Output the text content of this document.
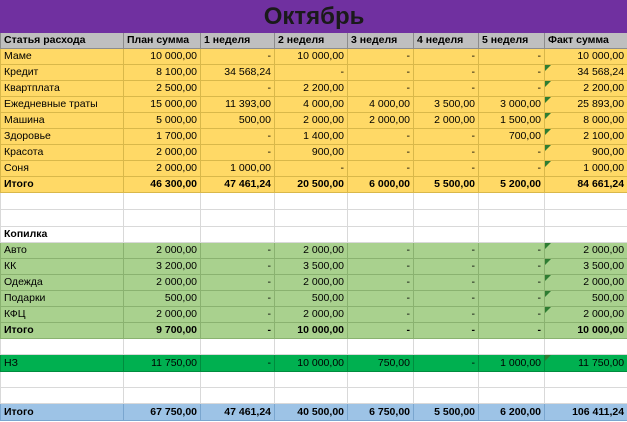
Октябрь							
Статья расхода	План сумма	1 неделя	2 неделя	3 неделя	4 неделя	5 неделя	Факт сумма
Маме	10 000,00	-	10 000,00	-	-	-	10 000,00
Кредит	8 100,00	34 568,24	-	-	-	-	34 568,24
Квартплата	2 500,00	-	2 200,00	-	-	-	2 200,00
Ежедневные траты	15 000,00	11 393,00	4 000,00	4 000,00	3 500,00	3 000,00	25 893,00
Машина	5 000,00	500,00	2 000,00	2 000,00	2 000,00	1 500,00	8 000,00
Здоровье	1 700,00	-	1 400,00	-	-	700,00	2 100,00
Красота	2 000,00	-	900,00	-	-	-	900,00
Соня	2 000,00	1 000,00	-	-	-	-	1 000,00
Итого	46 300,00	47 461,24	20 500,00	6 000,00	5 500,00	5 200,00	84 661,24

Копилка							
Авто	2 000,00	-	2 000,00	-	-	-	2 000,00
КК	3 200,00	-	3 500,00	-	-	-	3 500,00
Одежда	2 000,00	-	2 000,00	-	-	-	2 000,00
Подарки	500,00	-	500,00	-	-	-	500,00
КФЦ	2 000,00	-	2 000,00	-	-	-	2 000,00
Итого	9 700,00	-	10 000,00	-	-	-	10 000,00

НЗ	11 750,00	-	10 000,00	750,00	-	1 000,00	11 750,00

Итого	67 750,00	47 461,24	40 500,00	6 750,00	5 500,00	6 200,00	106 411,24
